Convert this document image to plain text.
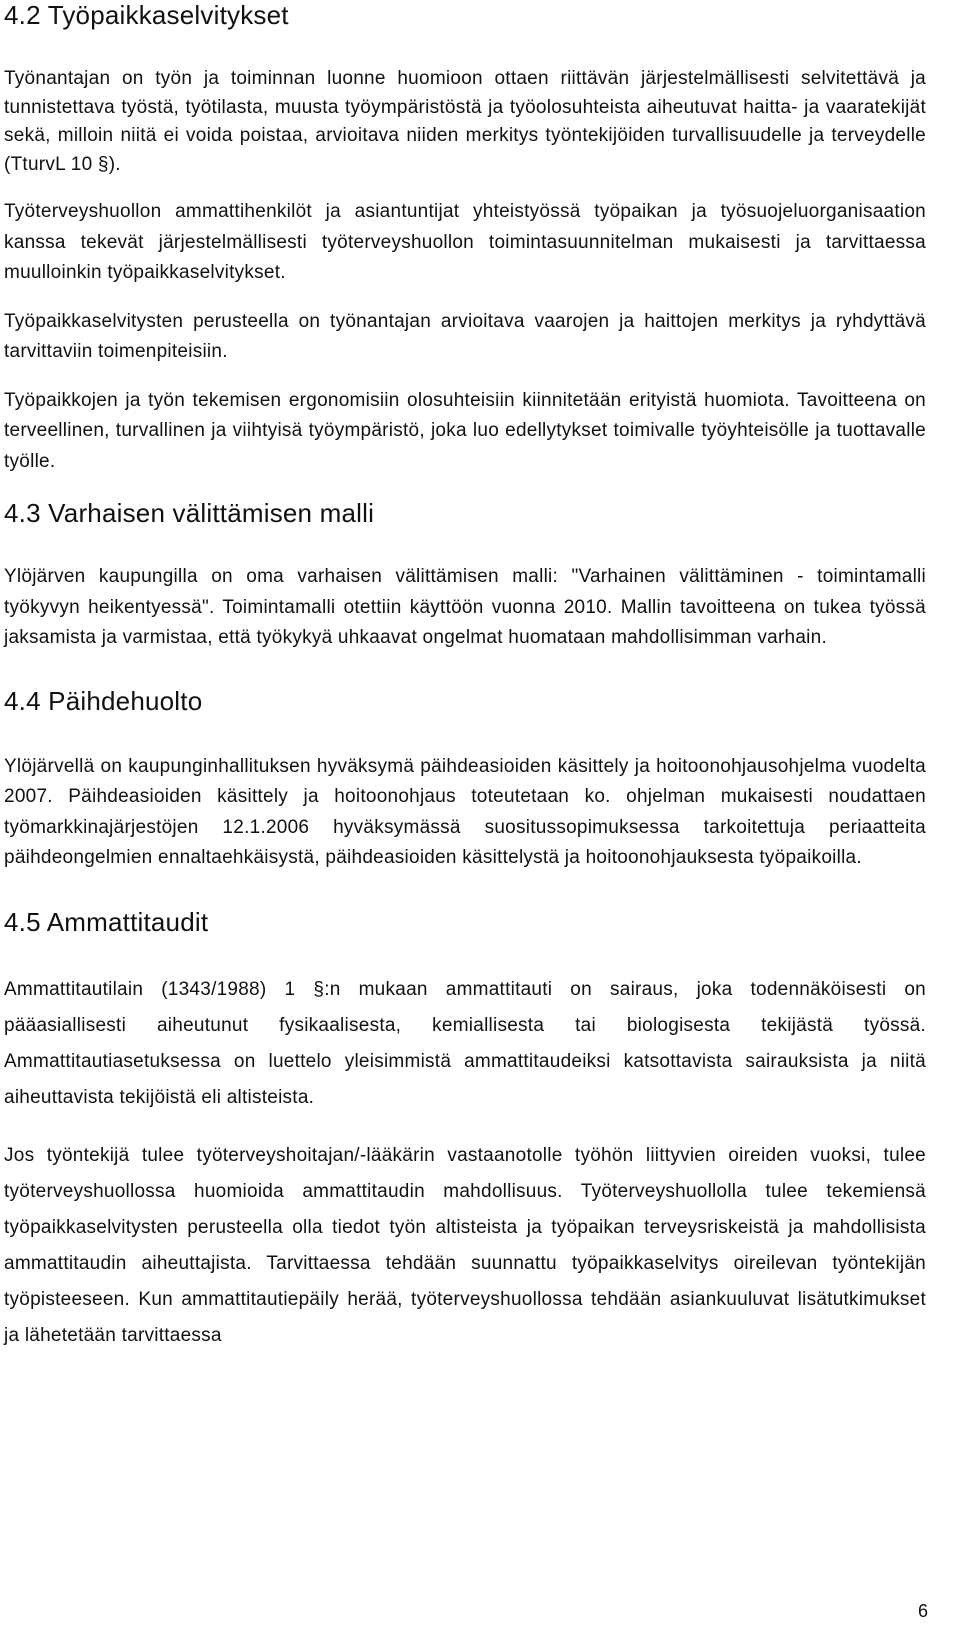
4.2 Työpaikkaselvitykset

Työnantajan on työn ja toiminnan luonne huomioon ottaen riittävän järjestelmällisesti selvitettävä ja tunnistettava työstä, työtilasta, muusta työympäristöstä ja työolosuhteista aiheutuvat haitta- ja vaaratekijät sekä, milloin niitä ei voida poistaa, arvioitava niiden merkitys työntekijöiden turvallisuudelle ja terveydelle (TturvL 10 §).

Työterveyshuollon ammattihenkilöt ja asiantuntijat yhteistyössä työpaikan ja työsuojeluorganisaation kanssa tekevät järjestelmällisesti työterveyshuollon toimintasuunnitelman mukaisesti ja tarvittaessa muulloinkin työpaikkaselvitykset.

Työpaikkaselvitysten perusteella on työnantajan arvioitava vaarojen ja haittojen merkitys ja ryhdyttävä tarvittaviin toimenpiteisiin.

Työpaikkojen ja työn tekemisen ergonomisiin olosuhteisiin kiinnitetään erityistä huomiota. Tavoitteena on terveellinen, turvallinen ja viihtyisä työympäristö, joka luo edellytykset toimivalle työyhteisölle ja tuottavalle työlle.

4.3 Varhaisen välittämisen malli

Ylöjärven kaupungilla on oma varhaisen välittämisen malli: "Varhainen välittäminen - toimintamalli työkyvyn heikentyessä". Toimintamalli otettiin käyttöön vuonna 2010. Mallin tavoitteena on tukea työssä jaksamista ja varmistaa, että työkykyä uhkaavat ongelmat huomataan mahdollisimman varhain.

4.4 Päihdehuolto

Ylöjärvellä on kaupunginhallituksen hyväksymä päihdeasioiden käsittely ja hoitoonohjausohjelma vuodelta 2007. Päihdeasioiden käsittely ja hoitoonohjaus toteutetaan ko. ohjelman mukaisesti noudattaen työmarkkinajärjestöjen 12.1.2006 hyväksymässä suositussopimuksessa tarkoitettuja periaatteita päihdeongelmien ennaltaehkäisystä, päihdeasioiden käsittelystä ja hoitoonohjauksesta työpaikoilla.

4.5 Ammattitaudit

Ammattitautilain (1343/1988) 1 §:n mukaan ammattitauti on sairaus, joka todennäköisesti on pääasiallisesti aiheutunut fysikaalisesta, kemiallisesta tai biologisesta tekijästä työssä. Ammattitautiasetuksessa on luettelo yleisimmistä ammattitaudeiksi katsottavista sairauksista ja niitä aiheuttavista tekijöistä eli altisteista.

Jos työntekijä tulee työterveyshoitajan/-lääkärin vastaanotolle työhön liittyvien oireiden vuoksi, tulee työterveyshuollossa huomioida ammattitaudin mahdollisuus. Työterveyshuollolla tulee tekemiensä työpaikkaselvitysten perusteella olla tiedot työn altisteista ja työpaikan terveysriskeistä ja mahdollisista ammattitaudin aiheuttajista. Tarvittaessa tehdään suunnattu työpaikkaselvitys oireilevan työntekijän työpisteeseen. Kun ammattitautiepäily herää, työterveyshuollossa tehdään asiankuuluvat lisätutkimukset ja lähetetään tarvittaessa

6
